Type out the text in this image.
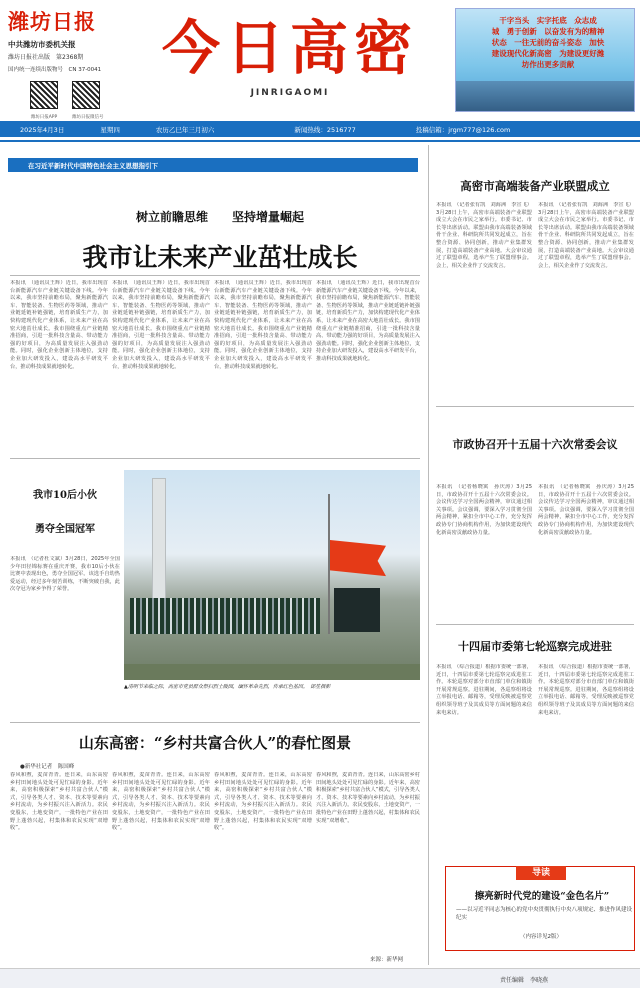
潍坊日报
中共潍坊市委机关报
潍坊日报社出版　第2368期
国内统一连续出版物号　CN 37-0041
潍坊日报APP	潍坊日报微信号
今日高密
JINRIGAOMI
干字当头　实字托底　众志成
城　勇于创新　以奋发有为的精神
状态　一往无前的奋斗姿态　加快
建设现代化新高密　为建设更好潍
坊作出更多贡献
2025年4月3日	星期四	农历乙巳年三月初六	新闻热线：2516777	投稿信箱：jrgm777@126.com
在习近平新时代中国特色社会主义思想指引下
树立前瞻思维　　坚持增量崛起
我市让未来产业茁壮成长
本报讯　（通讯员王辉）近日，我市出现首台新能源汽车产业链关键设备下线。今年以来，我市坚持前瞻布局，聚焦新能源汽车、智能装备、生物医药等领域，推动产业链延链补链强链，培育新质生产力，加快构建现代化产业体系，让未来产业在高密大地茁壮成长。我市围绕重点产业链精准招商，引进一批科技含量高、带动能力强的好项目，为高质量发展注入强劲动能。同时，强化企业创新主体地位，支持企业加大研发投入，建设高水平研发平台，推动科技成果就地转化。
本报讯　（通讯员王辉）近日，我市出现首台新能源汽车产业链关键设备下线。今年以来，我市坚持前瞻布局，聚焦新能源汽车、智能装备、生物医药等领域，推动产业链延链补链强链，培育新质生产力，加快构建现代化产业体系，让未来产业在高密大地茁壮成长。我市围绕重点产业链精准招商，引进一批科技含量高、带动能力强的好项目，为高质量发展注入强劲动能。同时，强化企业创新主体地位，支持企业加大研发投入，建设高水平研发平台，推动科技成果就地转化。
本报讯　（通讯员王辉）近日，我市出现首台新能源汽车产业链关键设备下线。今年以来，我市坚持前瞻布局，聚焦新能源汽车、智能装备、生物医药等领域，推动产业链延链补链强链，培育新质生产力，加快构建现代化产业体系，让未来产业在高密大地茁壮成长。我市围绕重点产业链精准招商，引进一批科技含量高、带动能力强的好项目，为高质量发展注入强劲动能。同时，强化企业创新主体地位，支持企业加大研发投入，建设高水平研发平台，推动科技成果就地转化。
本报讯　（通讯员王辉）近日，我市出现首台新能源汽车产业链关键设备下线。今年以来，我市坚持前瞻布局，聚焦新能源汽车、智能装备、生物医药等领域，推动产业链延链补链强链，培育新质生产力，加快构建现代化产业体系，让未来产业在高密大地茁壮成长。我市围绕重点产业链精准招商，引进一批科技含量高、带动能力强的好项目，为高质量发展注入强劲动能。同时，强化企业创新主体地位，支持企业加大研发投入，建设高水平研发平台，推动科技成果就地转化。
高密市高端装备产业联盟成立
本报讯　（记者张有凯　刘海洲　李宣飞）3月28日上午，高密市高端装备产业联盟成立大会在市民之家举行。市委书记、市长等出席活动。联盟由我市高端装备领域骨干企业、科研院所共同发起成立，旨在整合资源、协同创新，推动产业集群发展，打造高端装备产业高地。大会审议通过了联盟章程，选举产生了联盟理事会。会上，相关企业作了交流发言。
本报讯　（记者张有凯　刘海洲　李宣飞）3月28日上午，高密市高端装备产业联盟成立大会在市民之家举行。市委书记、市长等出席活动。联盟由我市高端装备领域骨干企业、科研院所共同发起成立，旨在整合资源、协同创新，推动产业集群发展，打造高端装备产业高地。大会审议通过了联盟章程，选举产生了联盟理事会。会上，相关企业作了交流发言。
市政协召开十五届十六次常委会议
本报讯　（记者杨晓寓　孙庆涛）3月25日，市政协召开十五届十六次常委会议。会议传达学习全国两会精神，审议通过相关事项。会议强调，要深入学习贯彻全国两会精神，紧扣全市中心工作，充分发挥政协专门协商机构作用，为加快建设现代化新高密贡献政协力量。
本报讯　（记者杨晓寓　孙庆涛）3月25日，市政协召开十五届十六次常委会议。会议传达学习全国两会精神，审议通过相关事项。会议强调，要深入学习贯彻全国两会精神，紧扣全市中心工作，充分发挥政协专门协商机构作用，为加快建设现代化新高密贡献政协力量。
十四届市委第七轮巡察完成进驻
本报讯　（综合报道）根据市委统一部署，近日，十四届市委第七轮巡察完成进驻工作。本轮巡察对部分市直部门单位和镇街开展常规巡察。进驻期间，各巡察组将设立举报电话、邮箱等，受理反映被巡察党组织领导班子及其成员等方面问题的来信来电来访。
本报讯　（综合报道）根据市委统一部署，近日，十四届市委第七轮巡察完成进驻工作。本轮巡察对部分市直部门单位和镇街开展常规巡察。进驻期间，各巡察组将设立举报电话、邮箱等，受理反映被巡察党组织领导班子及其成员等方面问题的来信来电来访。
我市10后小伙
勇夺全国冠军
本报讯　（记者杜文斌）3月28日，2025年全国少年田径锦标赛在重庆开赛，我市10后小伙在比赛中表现出色，勇夺全国冠军。该选手自幼热爱运动，经过多年刻苦训练，不断突破自我，此次夺冠为家乡争得了荣誉。
▲清明节来临之际，高密市党员群众祭扫烈士陵园，缅怀革命先烈，传承红色基因。　 郎笙摄影
山东高密：“乡村共富合伙人”的春忙图景
●新华社记者　陈国峰
春风和煦，麦苗青青。连日来，山东高密乡村田间地头处处可见忙碌的身影。近年来，高密积极探索“乡村共富合伙人”模式，引导各类人才、资本、技术等要素向乡村流动，为乡村振兴注入新活力。农民变股东，土地变资产，一批特色产业在田野上蓬勃兴起，村集体和农民实现“双增收”。
春风和煦，麦苗青青。连日来，山东高密乡村田间地头处处可见忙碌的身影。近年来，高密积极探索“乡村共富合伙人”模式，引导各类人才、资本、技术等要素向乡村流动，为乡村振兴注入新活力。农民变股东，土地变资产，一批特色产业在田野上蓬勃兴起，村集体和农民实现“双增收”。
春风和煦，麦苗青青。连日来，山东高密乡村田间地头处处可见忙碌的身影。近年来，高密积极探索“乡村共富合伙人”模式，引导各类人才、资本、技术等要素向乡村流动，为乡村振兴注入新活力。农民变股东，土地变资产，一批特色产业在田野上蓬勃兴起，村集体和农民实现“双增收”。
春风和煦，麦苗青青。连日来，山东高密乡村田间地头处处可见忙碌的身影。近年来，高密积极探索“乡村共富合伙人”模式，引导各类人才、资本、技术等要素向乡村流动，为乡村振兴注入新活力。农民变股东，土地变资产，一批特色产业在田野上蓬勃兴起，村集体和农民实现“双增收”。
来源：新华网
导读
擦亮新时代党的建设“金色名片”
——以习近平同志为核心的党中央贯彻执行中央八项规定、推进作风建设纪实
（内容详见2版）
责任编辑　李晓燕
